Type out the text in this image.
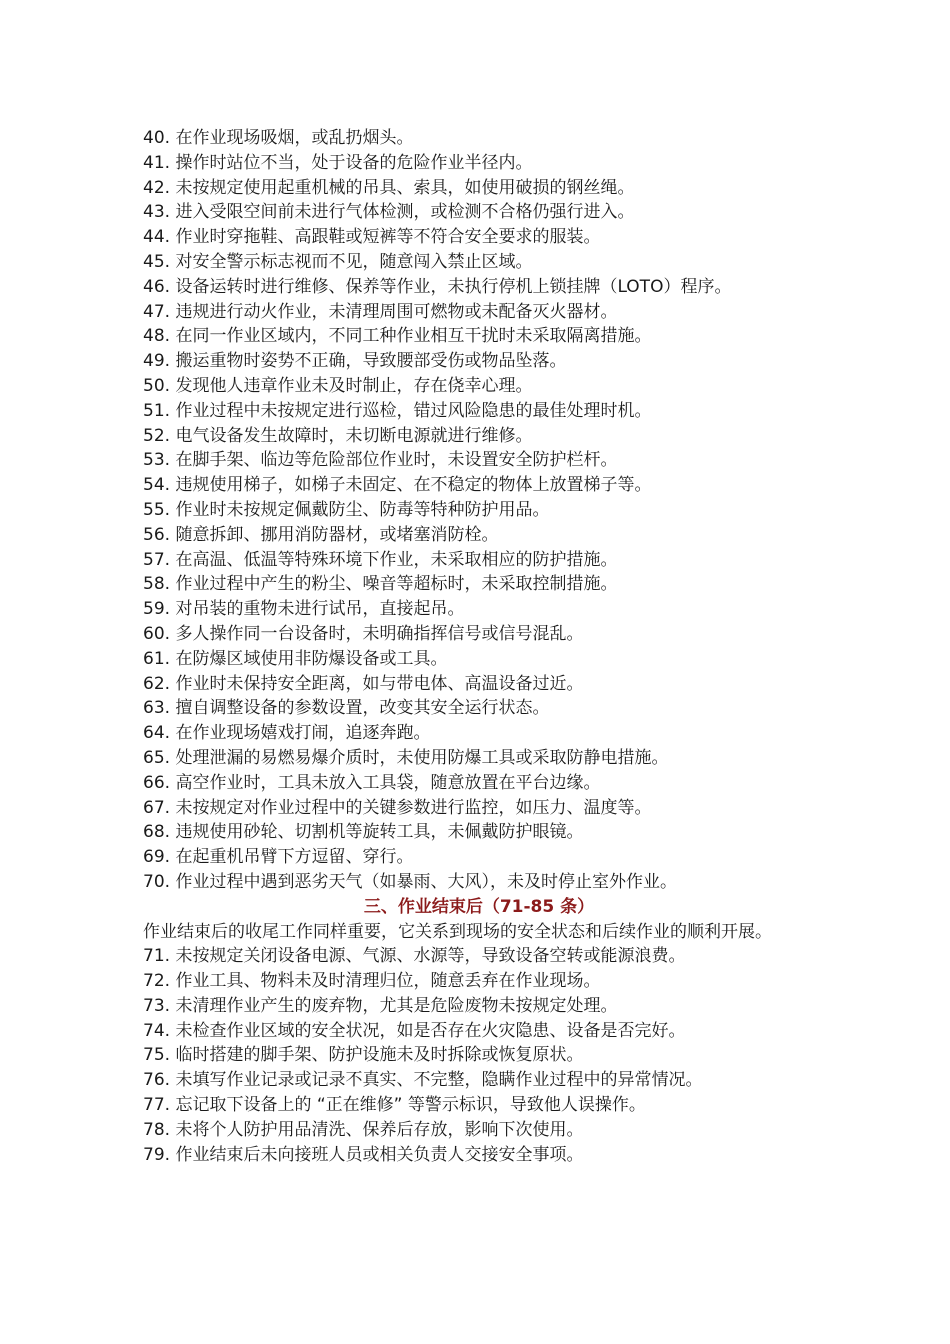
40. 在作业现场吸烟，或乱扔烟头。

41. 操作时站位不当，处于设备的危险作业半径内。

42. 未按规定使用起重机械的吊具、索具，如使用破损的钢丝绳。

43. 进入受限空间前未进行气体检测，或检测不合格仍强行进入。

44. 作业时穿拖鞋、高跟鞋或短裤等不符合安全要求的服装。

45. 对安全警示标志视而不见，随意闯入禁止区域。

46. 设备运转时进行维修、保养等作业，未执行停机上锁挂牌（LOTO）程序。

47. 违规进行动火作业，未清理周围可燃物或未配备灭火器材。

48. 在同一作业区域内，不同工种作业相互干扰时未采取隔离措施。

49. 搬运重物时姿势不正确，导致腰部受伤或物品坠落。

50. 发现他人违章作业未及时制止，存在侥幸心理。

51. 作业过程中未按规定进行巡检，错过风险隐患的最佳处理时机。

52. 电气设备发生故障时，未切断电源就进行维修。

53. 在脚手架、临边等危险部位作业时，未设置安全防护栏杆。

54. 违规使用梯子，如梯子未固定、在不稳定的物体上放置梯子等。

55. 作业时未按规定佩戴防尘、防毒等特种防护用品。

56. 随意拆卸、挪用消防器材，或堵塞消防栓。

57. 在高温、低温等特殊环境下作业，未采取相应的防护措施。

58. 作业过程中产生的粉尘、噪音等超标时，未采取控制措施。

59. 对吊装的重物未进行试吊，直接起吊。

60. 多人操作同一台设备时，未明确指挥信号或信号混乱。

61. 在防爆区域使用非防爆设备或工具。

62. 作业时未保持安全距离，如与带电体、高温设备过近。

63. 擅自调整设备的参数设置，改变其安全运行状态。

64. 在作业现场嬉戏打闹，追逐奔跑。

65. 处理泄漏的易燃易爆介质时，未使用防爆工具或采取防静电措施。

66. 高空作业时，工具未放入工具袋，随意放置在平台边缘。

67. 未按规定对作业过程中的关键参数进行监控，如压力、温度等。

68. 违规使用砂轮、切割机等旋转工具，未佩戴防护眼镜。

69. 在起重机吊臂下方逗留、穿行。

70. 作业过程中遇到恶劣天气（如暴雨、大风），未及时停止室外作业。

三、作业结束后（71-85 条）

作业结束后的收尾工作同样重要，它关系到现场的安全状态和后续作业的顺利开展。

71. 未按规定关闭设备电源、气源、水源等，导致设备空转或能源浪费。

72. 作业工具、物料未及时清理归位，随意丢弃在作业现场。

73. 未清理作业产生的废弃物，尤其是危险废物未按规定处理。

74. 未检查作业区域的安全状况，如是否存在火灾隐患、设备是否完好。

75. 临时搭建的脚手架、防护设施未及时拆除或恢复原状。

76. 未填写作业记录或记录不真实、不完整，隐瞒作业过程中的异常情况。

77. 忘记取下设备上的 “正在维修” 等警示标识，导致他人误操作。

78. 未将个人防护用品清洗、保养后存放，影响下次使用。

79. 作业结束后未向接班人员或相关负责人交接安全事项。
